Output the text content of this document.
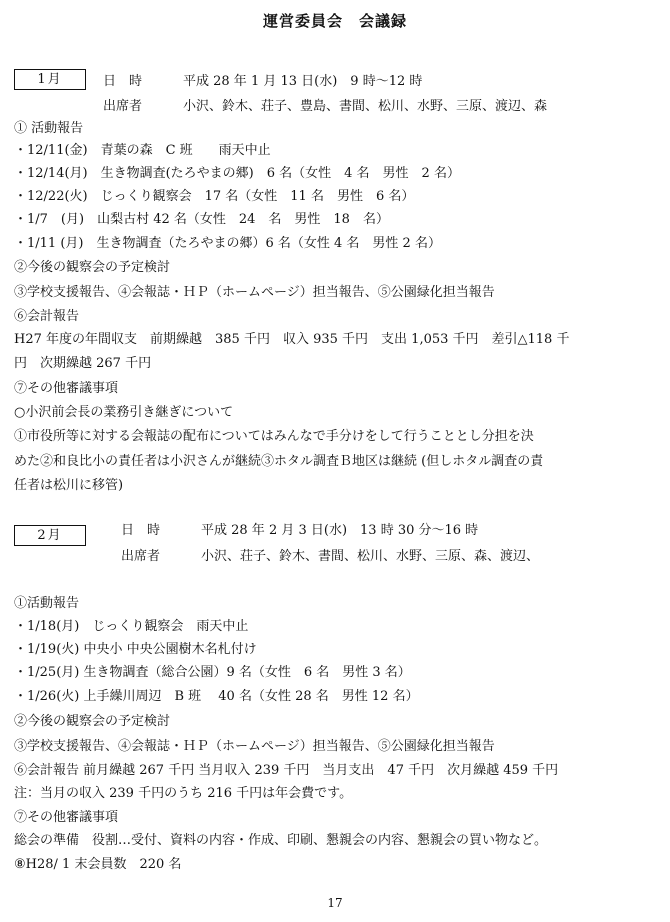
運営委員会　会議録
1月	日　時	平成 28 年 1 月 13 日(水)　9 時〜12 時
出席者	小沢、鈴木、荘子、豊島、書間、松川、水野、三原、渡辺、森
① 活動報告
・12/11(金)　青葉の森　C 班　　雨天中止
・12/14(月)　生き物調査(たろやまの郷)　6 名（女性　4 名　男性　2 名）
・12/22(火)　じっくり観察会　17 名（女性　11 名　男性　6 名）
・1/7　(月)　山梨古村 42 名（女性　24　名　男性　18　名）
・1/11 (月)　生き物調査（たろやまの郷）6 名（女性 4 名　男性 2 名）
②今後の観察会の予定検討
③学校支援報告、④会報誌・ＨＰ（ホームページ）担当報告、⑤公園緑化担当報告
⑥会計報告
H27 年度の年間収支　前期繰越　385 千円　収入 935 千円　支出 1,053 千円　差引△118 千
円　次期繰越 267 千円
⑦その他審議事項
○小沢前会長の業務引き継ぎについて
①市役所等に対する会報誌の配布についてはみんなで手分けをして行うこととし分担を決
めた②和良比小の責任者は小沢さんが継続③ホタル調査Ｂ地区は継続 (但しホタル調査の責
任者は松川に移管)
2月	日　時	平成 28 年 2 月 3 日(水)　13 時 30 分〜16 時
出席者	小沢、荘子、鈴木、書間、松川、水野、三原、森、渡辺、
①活動報告
・1/18(月)　じっくり観察会　雨天中止
・1/19(火) 中央小 中央公園樹木名札付け
・1/25(月) 生き物調査（総合公園）9 名（女性　6 名　男性 3 名）
・1/26(火) 上手繰川周辺　B 班　 40 名（女性 28 名　男性 12 名）
②今後の観察会の予定検討
③学校支援報告、④会報誌・ＨＰ（ホームページ）担当報告、⑤公園緑化担当報告
⑥会計報告 前月繰越 267 千円 当月収入 239 千円　当月支出　47 千円　次月繰越 459 千円
注：当月の収入 239 千円のうち 216 千円は年会費です。
⑦その他審議事項
総会の準備　役割…受付、資料の内容・作成、印刷、懇親会の内容、懇親会の買い物など。
⑧H28/ 1 末会員数　220 名
17
